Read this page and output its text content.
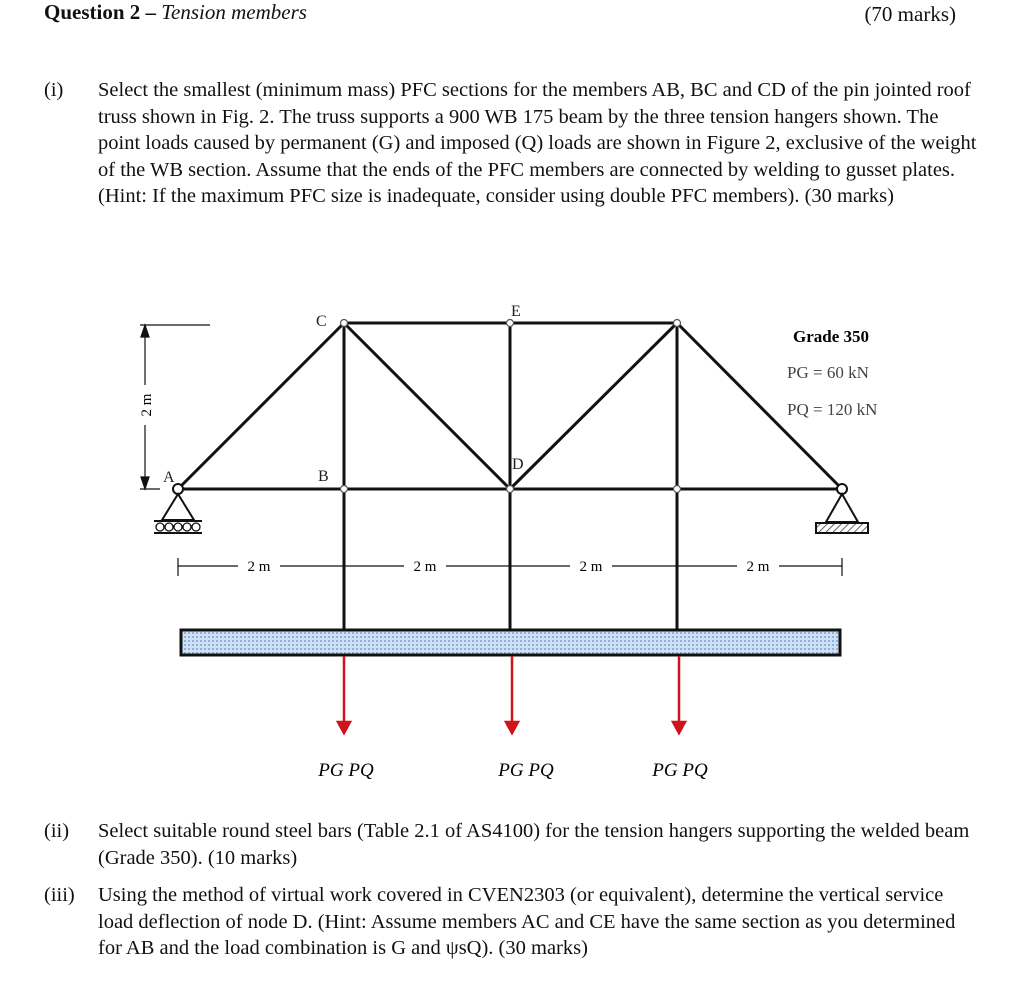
Question 2 – Tension members	(70 marks)
(i) Select the smallest (minimum mass) PFC sections for the members AB, BC and CD of the pin jointed roof truss shown in Fig. 2. The truss supports a 900 WB 175 beam by the three tension hangers shown. The point loads caused by permanent (G) and imposed (Q) loads are shown in Figure 2, exclusive of the weight of the WB section. Assume that the ends of the PFC members are connected by welding to gusset plates. (Hint: If the maximum PFC size is inadequate, consider using double PFC members). (30 marks)
C
E
A	B
D
2 m
2 m	2 m	2 m	2 m
PG PQ	PG PQ	PG PQ
Grade 350
PG = 60 kN
PQ = 120 kN
(ii) Select suitable round steel bars (Table 2.1 of AS4100) for the tension hangers supporting the welded beam (Grade 350). (10 marks)
(iii) Using the method of virtual work covered in CVEN2303 (or equivalent), determine the vertical service load deflection of node D. (Hint: Assume members AC and CE have the same section as you determined for AB and the load combination is G and ψsQ). (30 marks)
